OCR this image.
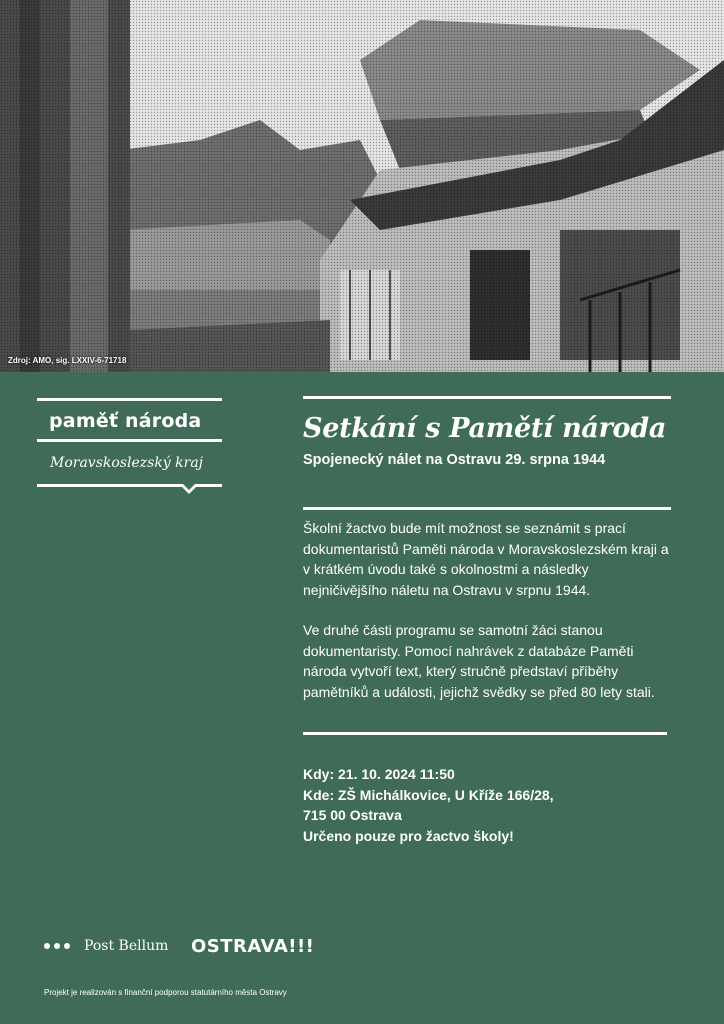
Zdroj: AMO, sig. LXXIV-6-71718
paměť národa
Moravskoslezský kraj
Setkání s Pamětí národa
Spojenecký nálet na Ostravu 29. srpna 1944

Školní žactvo bude mít možnost se seznámit s prací dokumentaristů Paměti národa v Moravskoslezském kraji a v krátkém úvodu také s okolnostmi a následky nejničivějšího náletu na Ostravu v srpnu 1944.

Ve druhé části programu se samotní žáci stanou dokumentaristy. Pomocí nahrávek z databáze Paměti národa vytvoří text, který stručně představí příběhy pamětníků a události, jejichž svědky se před 80 lety stali.

Kdy: 21. 10. 2024 11:50
Kde: ZŠ Michálkovice, U Kříže 166/28,
715 00 Ostrava
Určeno pouze pro žactvo školy!
Post Bellum OSTRAVA!!!
Projekt je realizován s finanční podporou statutárního města Ostravy
